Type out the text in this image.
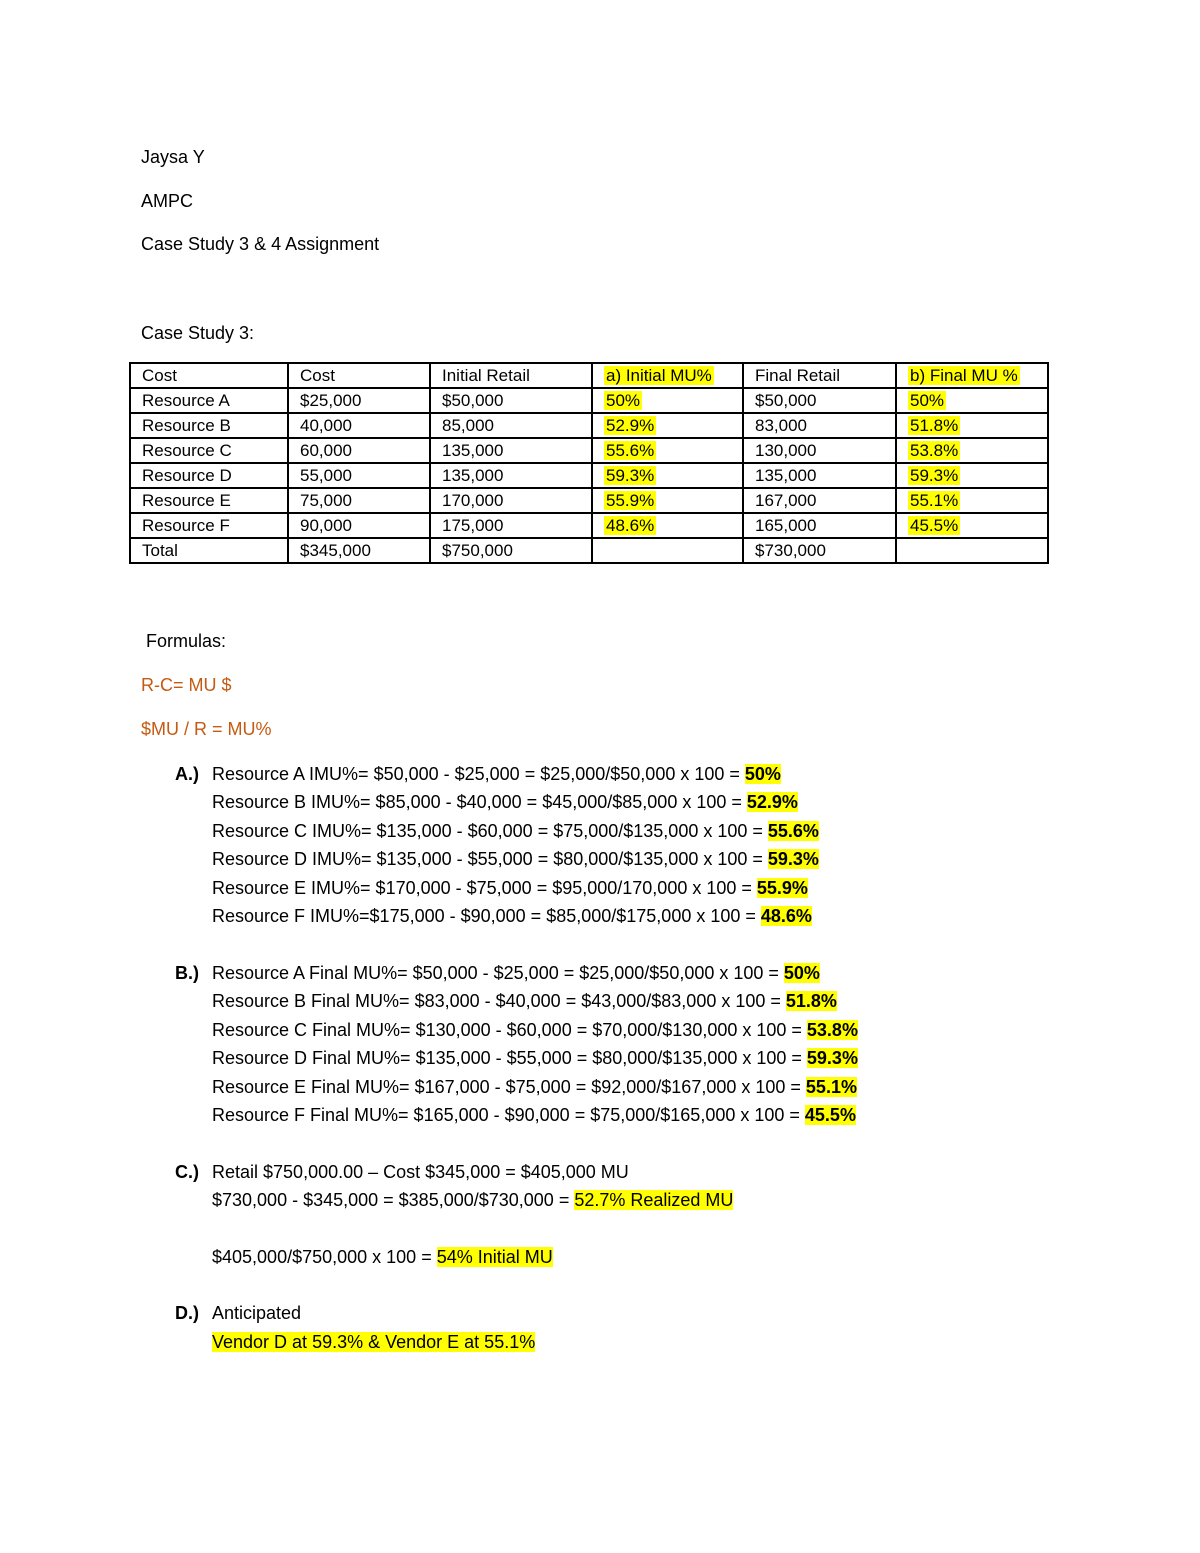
Jaysa Y
AMPC
Case Study 3 & 4 Assignment
Case Study 3:
Cost	Cost	Initial Retail	a) Initial MU%	Final Retail	b) Final MU %
Resource A	$25,000	$50,000	50%	$50,000	50%
Resource B	40,000	85,000	52.9%	83,000	51.8%
Resource C	60,000	135,000	55.6%	130,000	53.8%
Resource D	55,000	135,000	59.3%	135,000	59.3%
Resource E	75,000	170,000	55.9%	167,000	55.1%
Resource F	90,000	175,000	48.6%	165,000	45.5%
Total	$345,000	$750,000		$730,000	
Formulas:
R-C= MU $
$MU / R = MU%
A.) Resource A IMU%= $50,000 - $25,000 = $25,000/$50,000 x 100 = 50%
Resource B IMU%= $85,000 - $40,000 = $45,000/$85,000 x 100 = 52.9%
Resource C IMU%= $135,000 - $60,000 = $75,000/$135,000 x 100 = 55.6%
Resource D IMU%= $135,000 - $55,000 = $80,000/$135,000 x 100 = 59.3%
Resource E IMU%= $170,000 - $75,000 = $95,000/170,000 x 100 = 55.9%
Resource F IMU%=$175,000 - $90,000 = $85,000/$175,000 x 100 = 48.6%
B.) Resource A Final MU%= $50,000 - $25,000 = $25,000/$50,000 x 100 = 50%
Resource B Final MU%= $83,000 - $40,000 = $43,000/$83,000 x 100 = 51.8%
Resource C Final MU%= $130,000 - $60,000 = $70,000/$130,000 x 100 = 53.8%
Resource D Final MU%= $135,000 - $55,000 = $80,000/$135,000 x 100 = 59.3%
Resource E Final MU%= $167,000 - $75,000 = $92,000/$167,000 x 100 = 55.1%
Resource F Final MU%= $165,000 - $90,000 = $75,000/$165,000 x 100 = 45.5%
C.) Retail $750,000.00 – Cost $345,000 = $405,000 MU
$730,000 - $345,000 = $385,000/$730,000 = 52.7% Realized MU
$405,000/$750,000 x 100 = 54% Initial MU
D.) Anticipated
Vendor D at 59.3% & Vendor E at 55.1%
